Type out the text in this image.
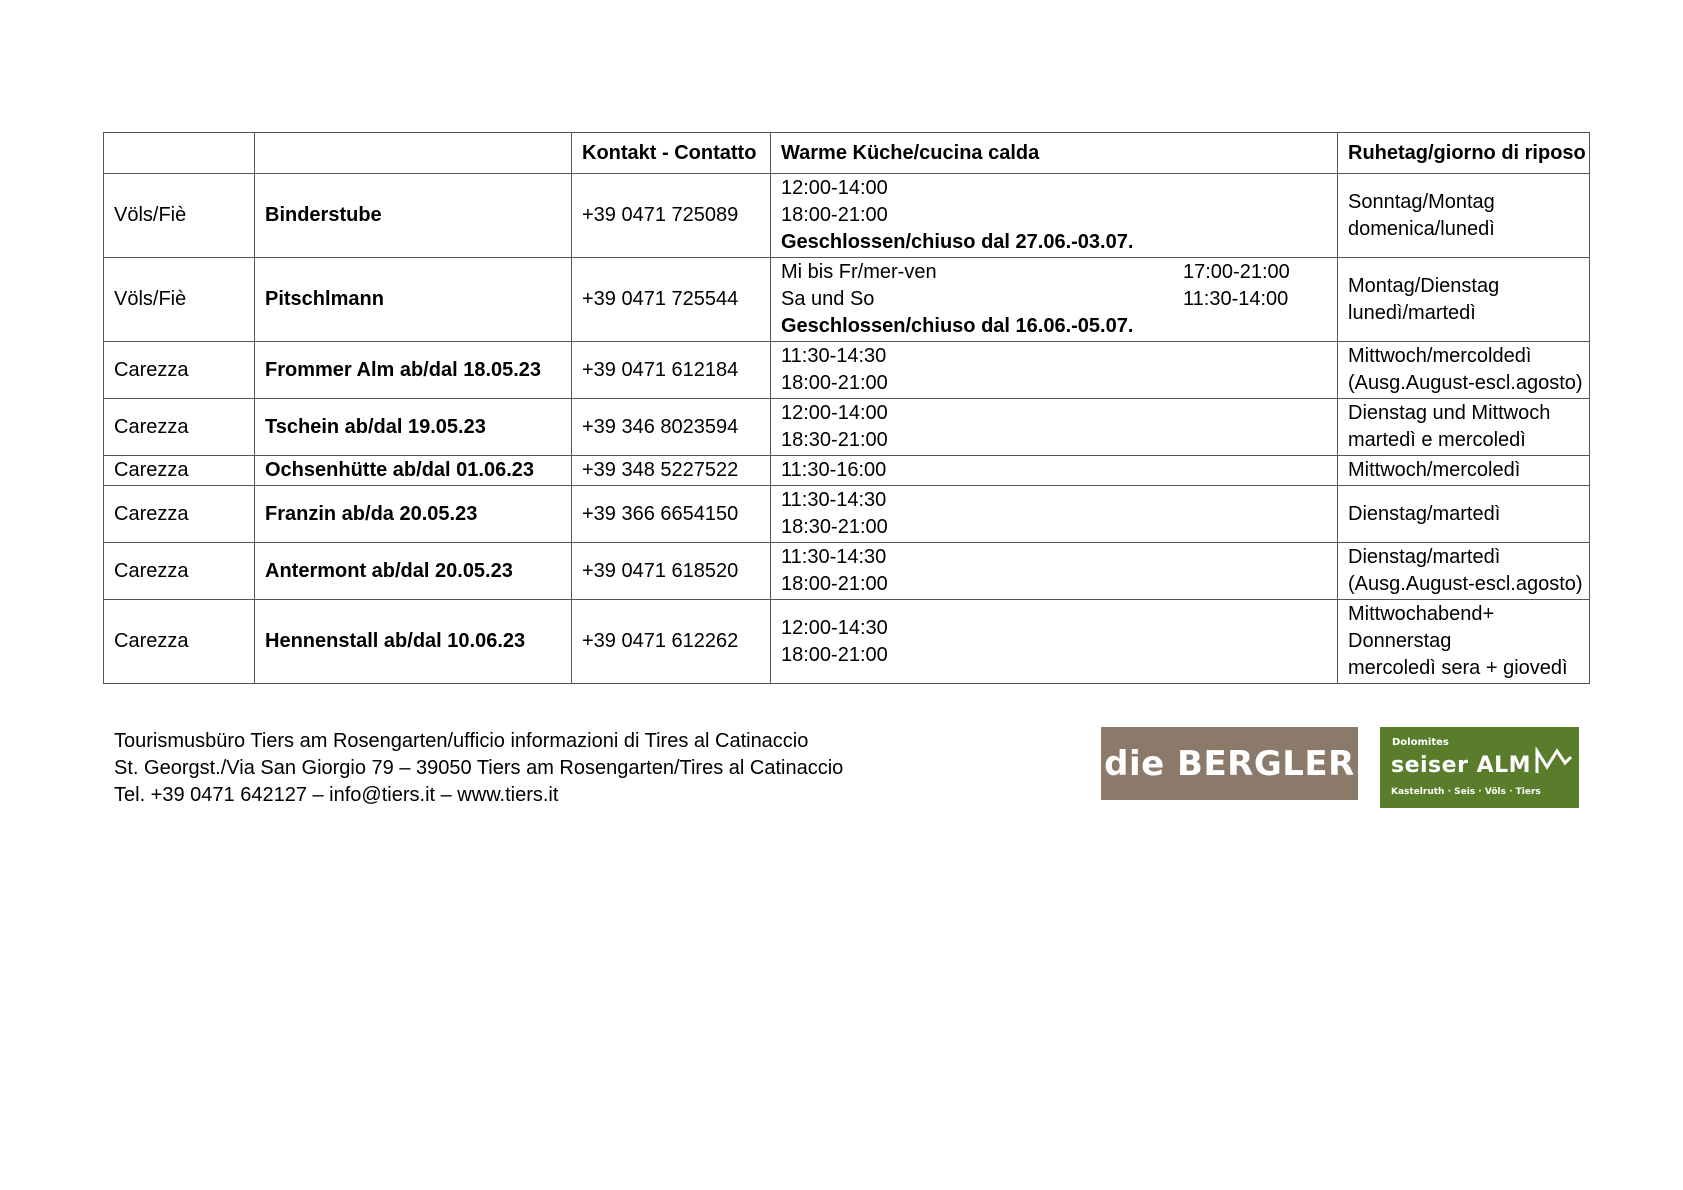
		Kontakt - Contatto	Warme Küche/cucina calda	Ruhetag/giorno di riposo
Völs/Fiè	Binderstube	+39 0471 725089	12:00-14:00
18:00-21:00
Geschlossen/chiuso dal 27.06.-03.07.	Sonntag/Montag
domenica/lunedì

Völs/Fiè	Pitschlmann	+39 0471 725544	Mi bis Fr/mer-ven 17:00-21:00
Sa und So 11:30-14:00
Geschlossen/chiuso dal 16.06.-05.07.	Montag/Dienstag
lunedì/martedì

Carezza	Frommer Alm ab/dal 18.05.23	+39 0471 612184	11:30-14:30
18:00-21:00	Mittwoch/mercoldedì
(Ausg.August-escl.agosto)

Carezza	Tschein ab/dal 19.05.23	+39 346 8023594	12:00-14:00
18:30-21:00	Dienstag und Mittwoch
martedì e mercoledì

Carezza	Ochsenhütte ab/dal 01.06.23	+39 348 5227522	11:30-16:00	Mittwoch/mercoledì

Carezza	Franzin ab/da 20.05.23	+39 366 6654150	11:30-14:30
18:30-21:00	Dienstag/martedì

Carezza	Antermont ab/dal 20.05.23	+39 0471 618520	11:30-14:30
18:00-21:00	Dienstag/martedì
(Ausg.August-escl.agosto)

Carezza	Hennenstall ab/dal 10.06.23	+39 0471 612262	12:00-14:30
18:00-21:00	Mittwochabend+
Donnerstag
mercoledì sera + giovedì
Tourismusbüro Tiers am Rosengarten/ufficio informazioni di Tires al Catinaccio
St. Georgst./Via San Giorgio 79 – 39050 Tiers am Rosengarten/Tires al Catinaccio
Tel. +39 0471 642127 – info@tiers.it – www.tiers.it
die BERGLER
Dolomites
seiser ALM
Kastelruth · Seis · Völs · Tiers
